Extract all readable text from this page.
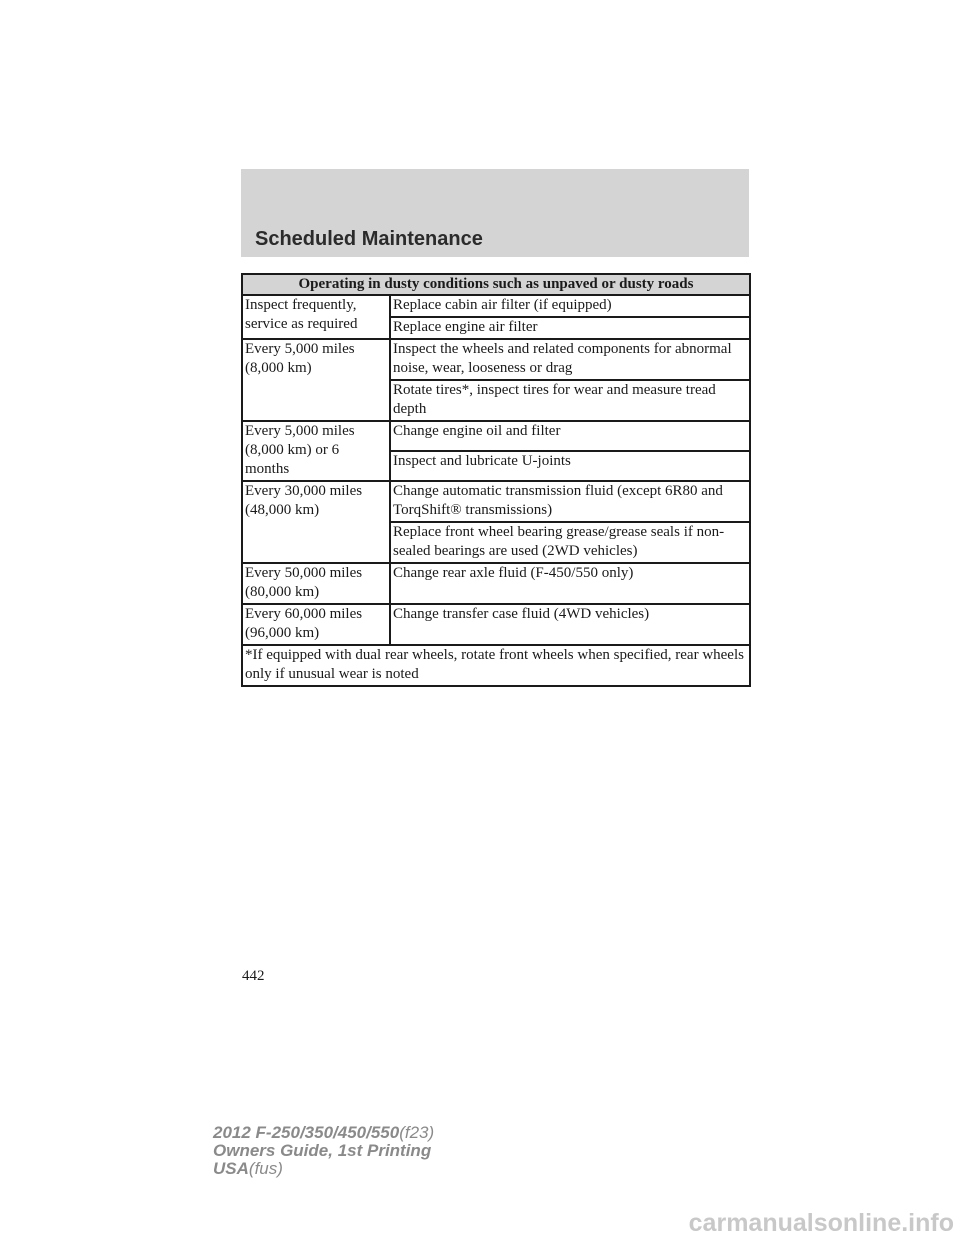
Scheduled Maintenance
Operating in dusty conditions such as unpaved or dusty roads	
Inspect frequently, service as required	Replace cabin air filter (if equipped)
	Replace engine air filter
Every 5,000 miles (8,000 km)	Inspect the wheels and related components for abnormal noise, wear, looseness or drag
	Rotate tires*, inspect tires for wear and measure tread depth
Every 5,000 miles (8,000 km) or 6 months	Change engine oil and filter
	Inspect and lubricate U-joints
Every 30,000 miles (48,000 km)	Change automatic transmission fluid (except 6R80 and TorqShift® transmissions)
	Replace front wheel bearing grease/grease seals if non-sealed bearings are used (2WD vehicles)
Every 50,000 miles (80,000 km)	Change rear axle fluid (F-450/550 only)
Every 60,000 miles (96,000 km)	Change transfer case fluid (4WD vehicles)
*If equipped with dual rear wheels, rotate front wheels when specified, rear wheels only if unusual wear is noted	
442
2012 F-250/350/450/550(f23)
Owners Guide, 1st Printing
USA(fus)
carmanualsonline.info
